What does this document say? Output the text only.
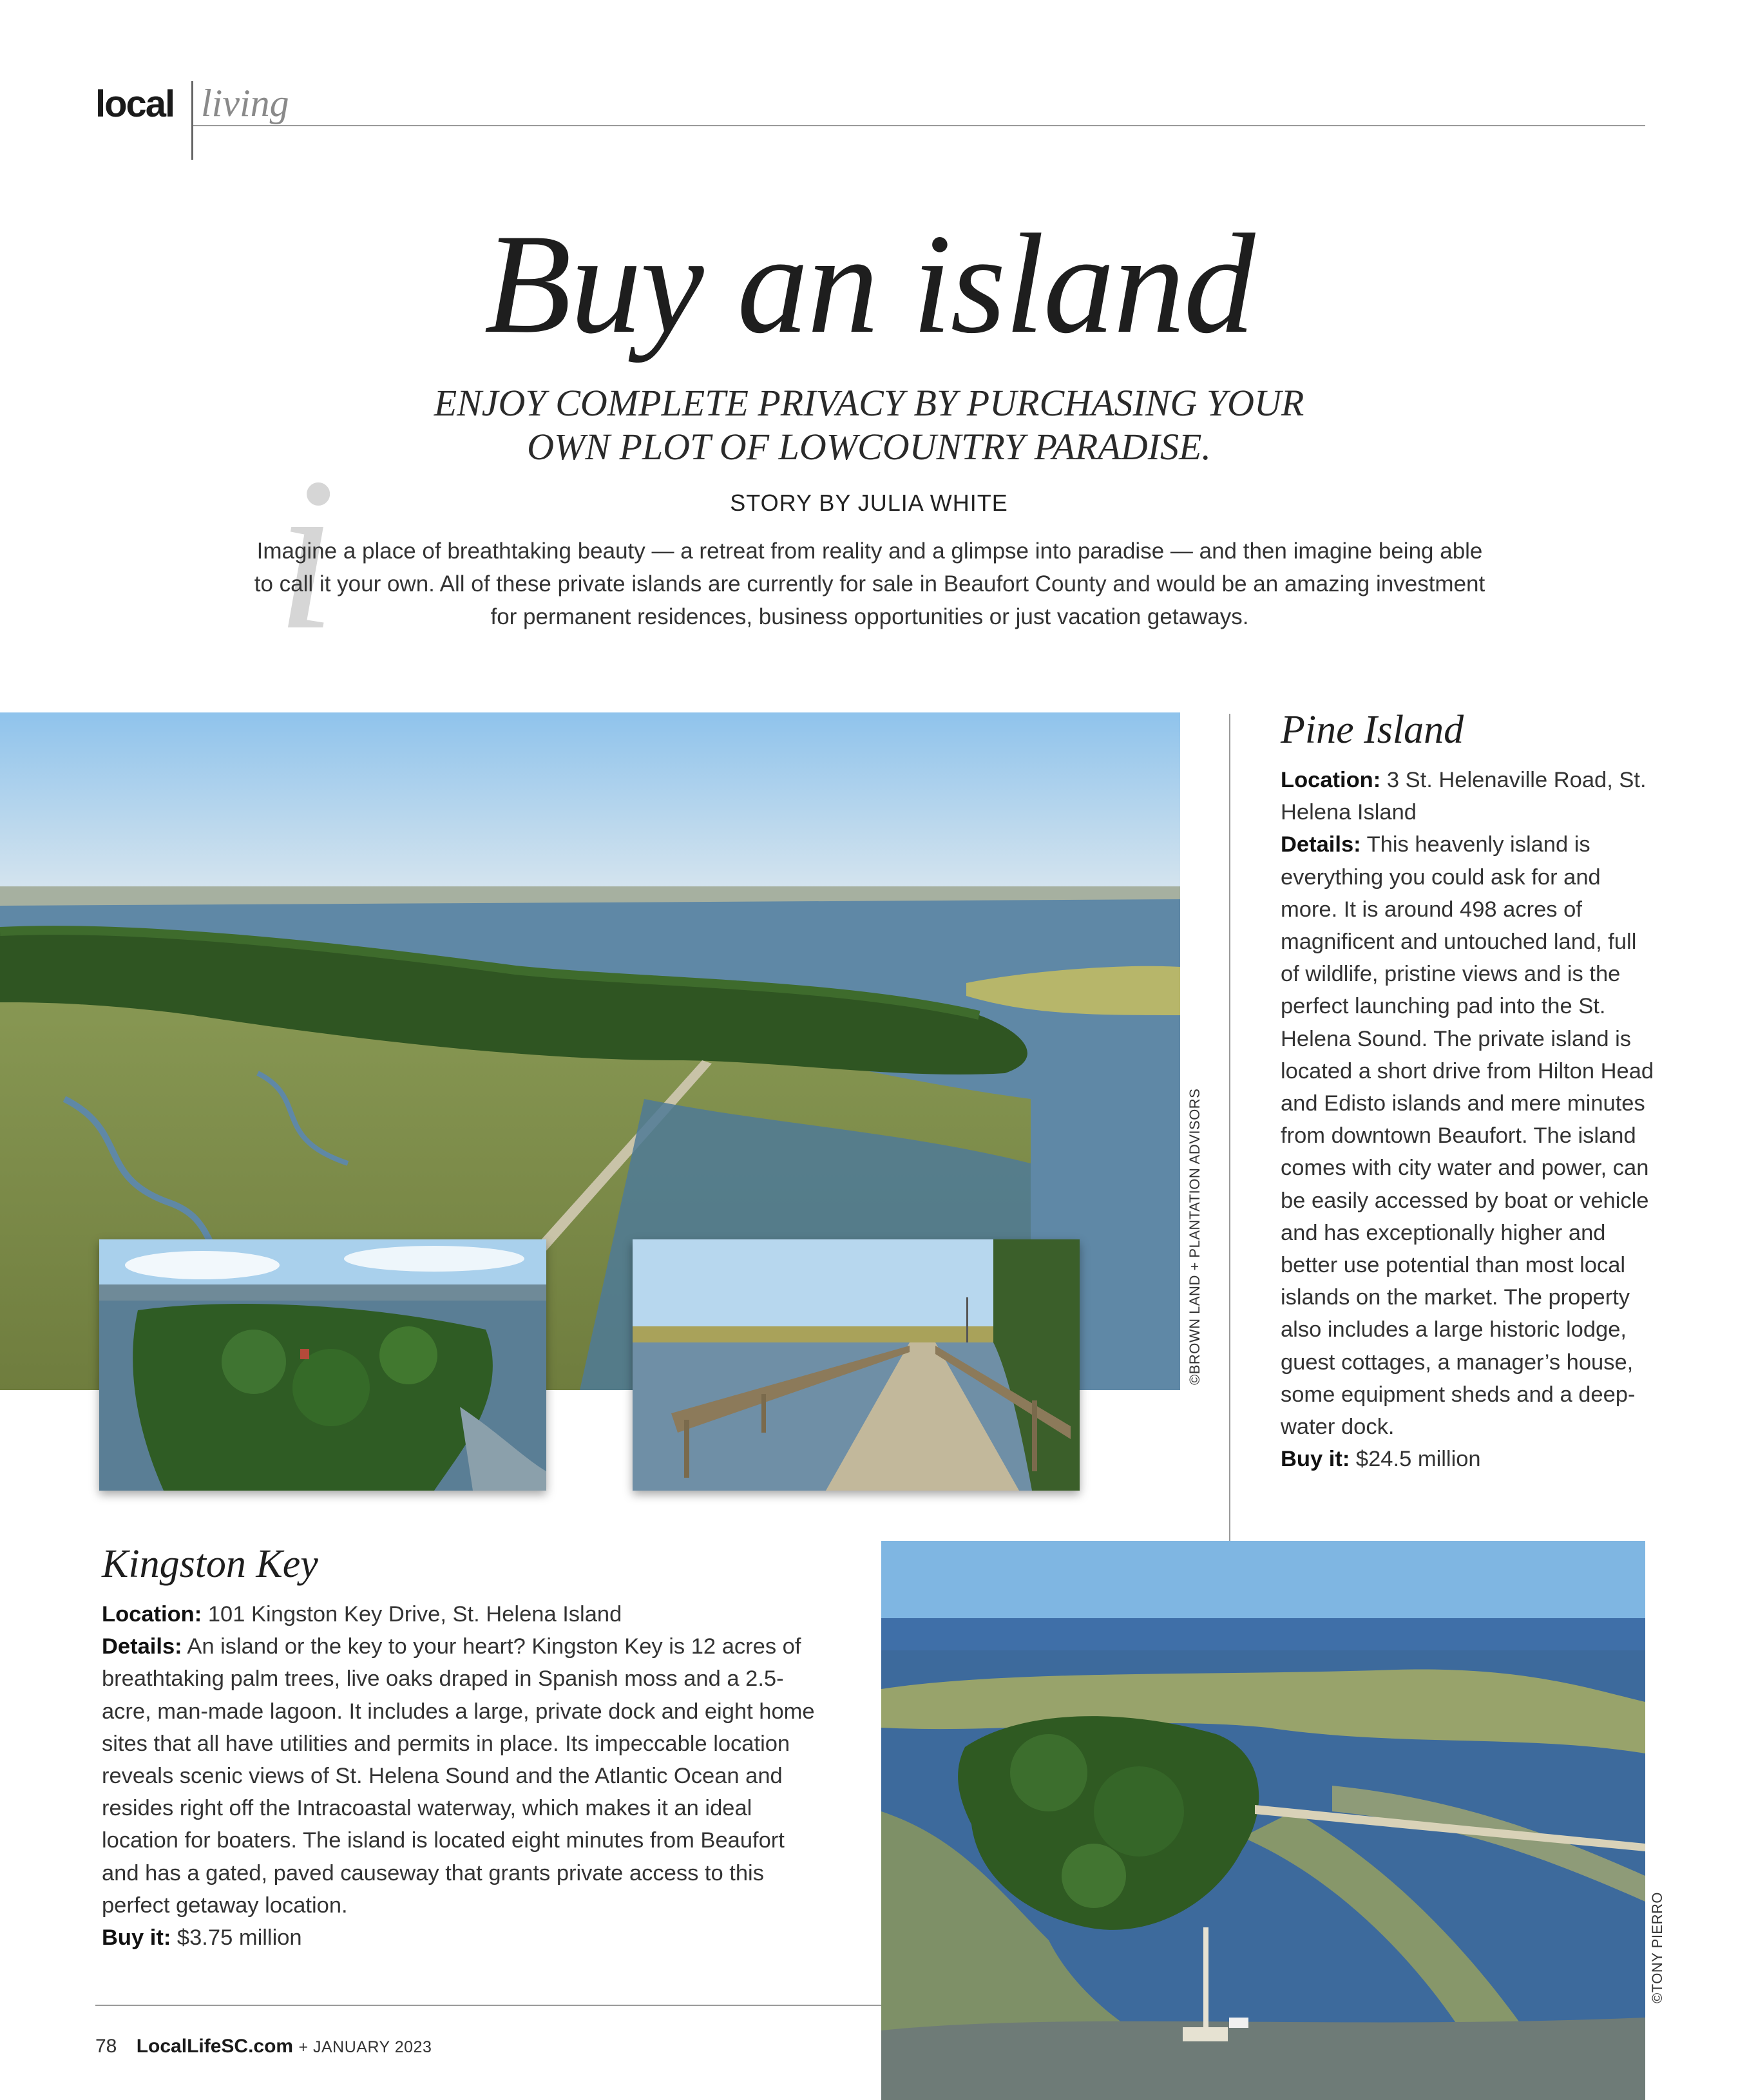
local living
Buy an island
ENJOY COMPLETE PRIVACY BY PURCHASING YOUR
OWN PLOT OF LOWCOUNTRY PARADISE.
STORY BY JULIA WHITE
i
Imagine a place of breathtaking beauty — a retreat from reality and a glimpse into paradise — and then imagine being able to call it your own. All of these private islands are currently for sale in Beaufort County and would be an amazing investment for permanent residences, business opportunities or just vacation getaways.
©BROWN LAND + PLANTATION ADVISORS
Pine Island
Location: 3 St. Helenaville Road, St. Helena Island
Details: This heavenly island is everything you could ask for and more. It is around 498 acres of magnificent and untouched land, full of wildlife, pristine views and is the perfect launching pad into the St. Helena Sound. The private island is located a short drive from Hilton Head and Edisto islands and mere minutes from downtown Beaufort. The island comes with city water and power, can be easily accessed by boat or vehicle and has exceptionally higher and better use potential than most local islands on the market. The property also includes a large historic lodge, guest cottages, a manager’s house, some equipment sheds and a deep-water dock.
Buy it: $24.5 million
Kingston Key
Location: 101 Kingston Key Drive, St. Helena Island
Details: An island or the key to your heart? Kingston Key is 12 acres of breathtaking palm trees, live oaks draped in Spanish moss and a 2.5-acre, man-made lagoon. It includes a large, private dock and eight home sites that all have utilities and permits in place. Its impeccable location reveals scenic views of St. Helena Sound and the Atlantic Ocean and resides right off the Intracoastal waterway, which makes it an ideal location for boaters. The island is located eight minutes from Beaufort and has a gated, paved causeway that grants private access to this perfect getaway location.
Buy it: $3.75 million	©TONY PIERRO
78 LocalLifeSC.com + JANUARY 2023
